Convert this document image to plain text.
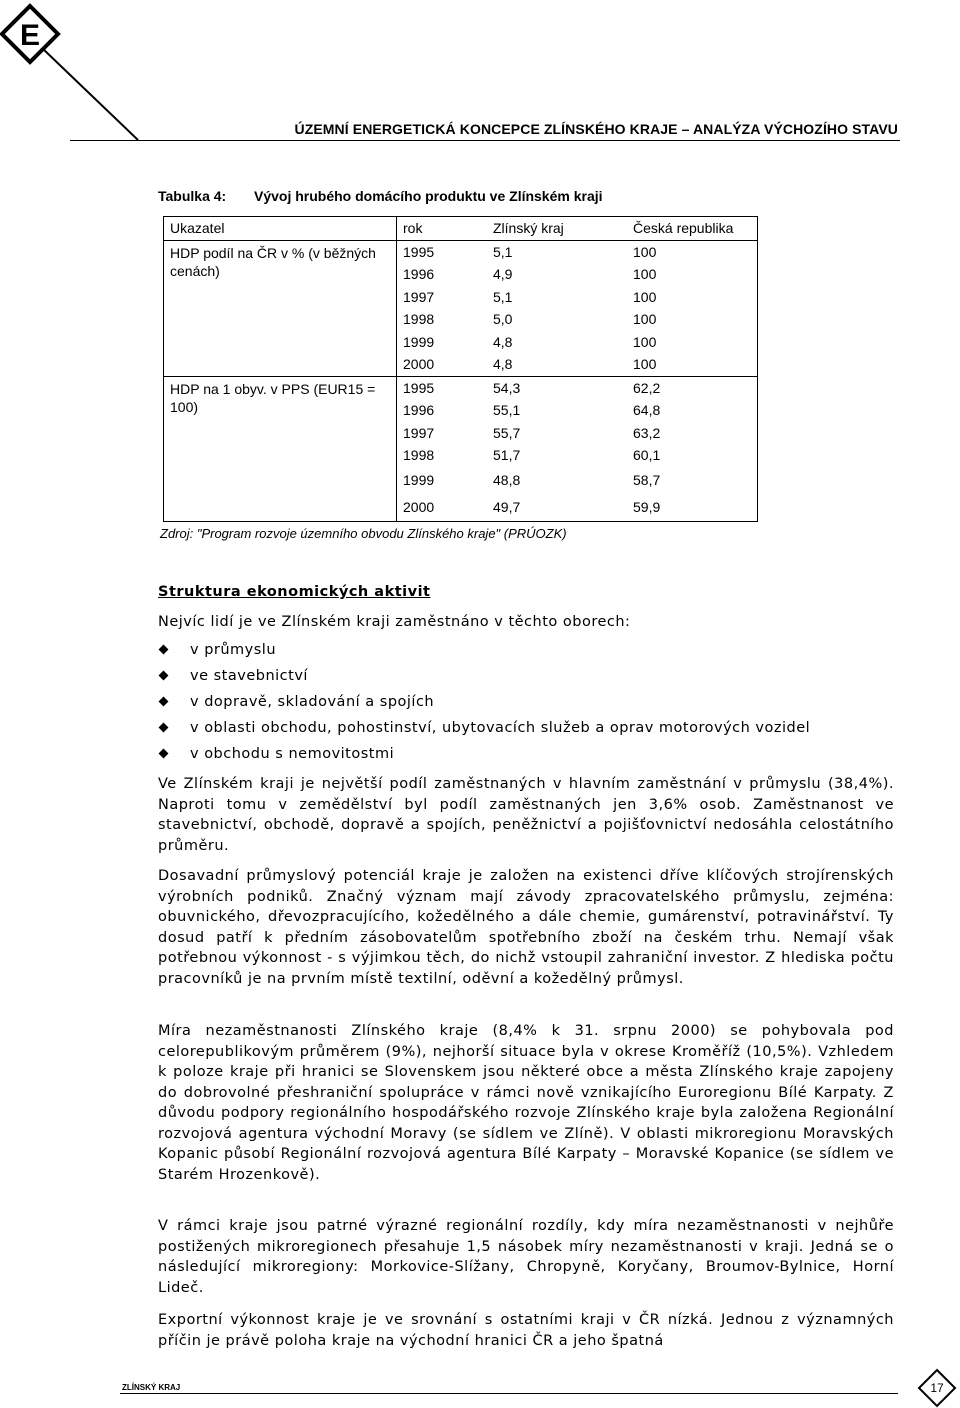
E
ÚZEMNÍ ENERGETICKÁ KONCEPCE ZLÍNSKÉHO KRAJE – ANALÝZA VÝCHOZÍHO STAVU
Tabulka 4: Vývoj hrubého domácího produktu ve Zlínském kraji
Ukazatel	rok	Zlínský kraj	Česká republika
HDP podíl na ČR v % (v běžných cenách)	1995	5,1	100
	1996	4,9	100
	1997	5,1	100
	1998	5,0	100
	1999	4,8	100
	2000	4,8	100
HDP na 1 obyv. v PPS (EUR15 = 100)	1995	54,3	62,2
	1996	55,1	64,8
	1997	55,7	63,2
	1998	51,7	60,1
	1999	48,8	58,7
	2000	49,7	59,9
Zdroj: "Program rozvoje územního obvodu Zlínského kraje" (PRÚOZK)
Struktura ekonomických aktivit
Nejvíc lidí je ve Zlínském kraji zaměstnáno v těchto oborech:
v průmyslu
ve stavebnictví
v dopravě, skladování a spojích
v oblasti obchodu, pohostinství, ubytovacích služeb a oprav motorových vozidel
v obchodu s nemovitostmi
Ve Zlínském kraji je největší podíl zaměstnaných v hlavním zaměstnání v průmyslu (38,4%). Naproti tomu v zemědělství byl podíl zaměstnaných jen 3,6% osob. Zaměstnanost ve stavebnictví, obchodě, dopravě a spojích, peněžnictví a pojišťovnictví nedosáhla celostátního průměru.
Dosavadní průmyslový potenciál kraje je založen na existenci dříve klíčových strojírenských výrobních podniků. Značný význam mají závody zpracovatelského průmyslu, zejména: obuvnického, dřevozpracujícího, kožedělného a dále chemie, gumárenství, potravinářství. Ty dosud patří k předním zásobovatelům spotřebního zboží na českém trhu. Nemají však potřebnou výkonnost - s výjimkou těch, do nichž vstoupil zahraniční investor. Z hlediska počtu pracovníků je na prvním místě textilní, oděvní a kožedělný průmysl.
Míra nezaměstnanosti Zlínského kraje (8,4% k 31. srpnu 2000) se pohybovala pod celorepublikovým průměrem (9%), nejhorší situace byla v okrese Kroměříž (10,5%). Vzhledem k poloze kraje při hranici se Slovenskem jsou některé obce a města Zlínského kraje zapojeny do dobrovolné přeshraniční spolupráce v rámci nově vznikajícího Euroregionu Bílé Karpaty. Z důvodu podpory regionálního hospodářského rozvoje Zlínského kraje byla založena Regionální rozvojová agentura východní Moravy (se sídlem ve Zlíně). V oblasti mikroregionu Moravských Kopanic působí Regionální rozvojová agentura Bílé Karpaty – Moravské Kopanice (se sídlem ve Starém Hrozenkově).
V rámci kraje jsou patrné výrazné regionální rozdíly, kdy míra nezaměstnanosti v nejhůře postižených mikroregionech přesahuje 1,5 násobek míry nezaměstnanosti v kraji. Jedná se o následující mikroregiony: Morkovice-Slížany, Chropyně, Koryčany, Broumov-Bylnice, Horní Lideč.
Exportní výkonnost kraje je ve srovnání s ostatními kraji v ČR nízká. Jednou z významných příčin je právě poloha kraje na východní hranici ČR a jeho špatná
ZLÍNSKÝ KRAJ	17
